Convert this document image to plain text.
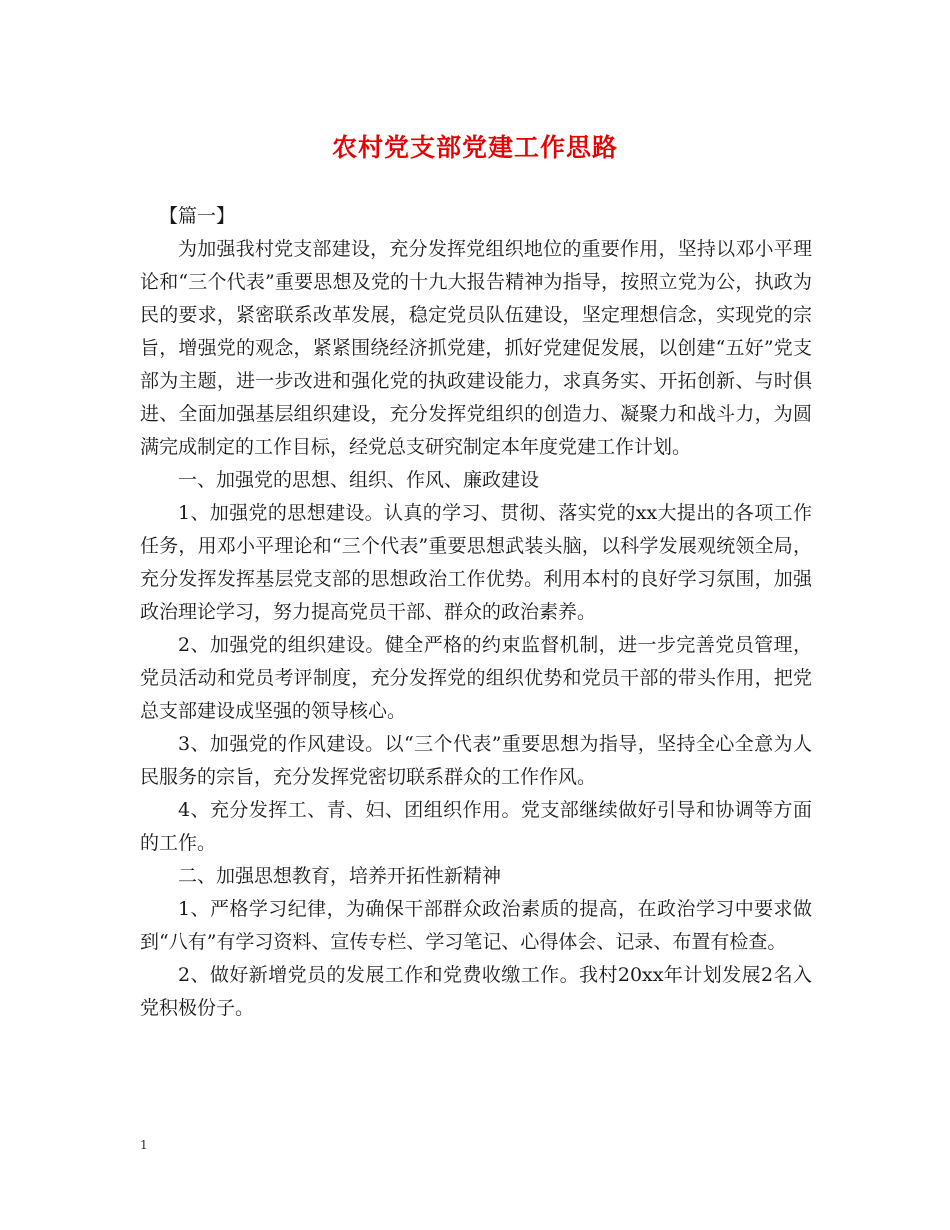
农村党支部党建工作思路

【篇一】

为加强我村党支部建设，充分发挥党组织地位的重要作用，坚持以邓小平理论和“三个代表”重要思想及党的十九大报告精神为指导，按照立党为公，执政为民的要求，紧密联系改革发展，稳定党员队伍建设，坚定理想信念，实现党的宗旨，增强党的观念，紧紧围绕经济抓党建，抓好党建促发展，以创建“五好”党支部为主题，进一步改进和强化党的执政建设能力，求真务实、开拓创新、与时俱进、全面加强基层组织建设，充分发挥党组织的创造力、凝聚力和战斗力，为圆满完成制定的工作目标，经党总支研究制定本年度党建工作计划。

一、加强党的思想、组织、作风、廉政建设

1、加强党的思想建设。认真的学习、贯彻、落实党的xx大提出的各项工作任务，用邓小平理论和“三个代表”重要思想武装头脑，以科学发展观统领全局，充分发挥发挥基层党支部的思想政治工作优势。利用本村的良好学习氛围，加强政治理论学习，努力提高党员干部、群众的政治素养。

2、加强党的组织建设。健全严格的约束监督机制，进一步完善党员管理，党员活动和党员考评制度，充分发挥党的组织优势和党员干部的带头作用，把党总支部建设成坚强的领导核心。

3、加强党的作风建设。以“三个代表”重要思想为指导，坚持全心全意为人民服务的宗旨，充分发挥党密切联系群众的工作作风。

4、充分发挥工、青、妇、团组织作用。党支部继续做好引导和协调等方面的工作。

二、加强思想教育，培养开拓性新精神

1、严格学习纪律，为确保干部群众政治素质的提高，在政治学习中要求做到“八有”有学习资料、宣传专栏、学习笔记、心得体会、记录、布置有检查。

2、做好新增党员的发展工作和党费收缴工作。我村20xx年计划发展2名入党积极份子。

1
